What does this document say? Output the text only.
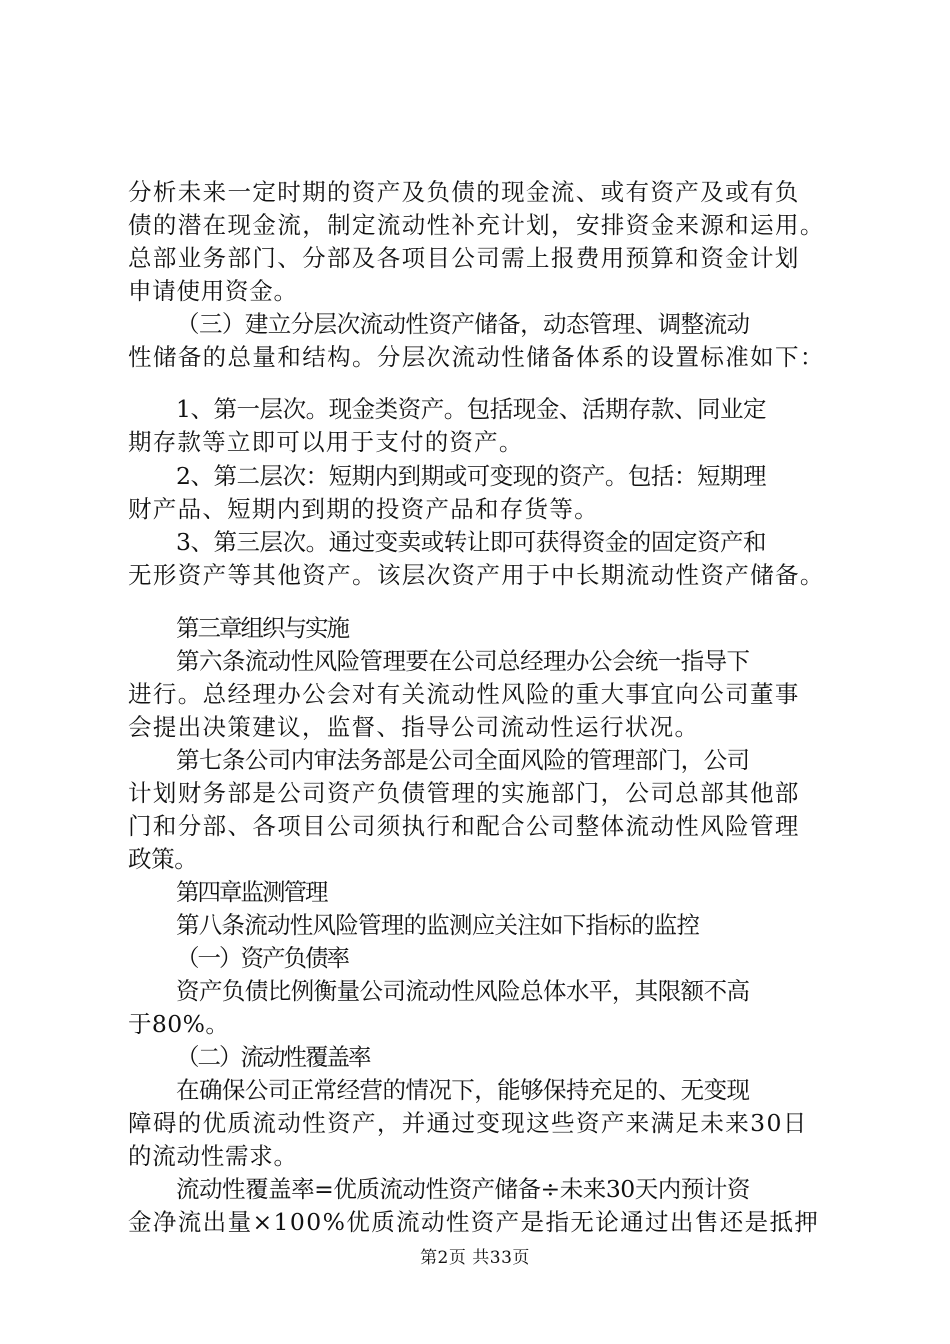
分析未来一定时期的资产及负债的现金流、或有资产及或有负
债的潜在现金流，制定流动性补充计划，安排资金来源和运用。
总部业务部门、分部及各项目公司需上报费用预算和资金计划
申请使用资金。
（三）建立分层次流动性资产储备，动态管理、调整流动
性储备的总量和结构。分层次流动性储备体系的设置标准如下：
1、第一层次。现金类资产。包括现金、活期存款、同业定
期存款等立即可以用于支付的资产。
2、第二层次：短期内到期或可变现的资产。包括：短期理
财产品、短期内到期的投资产品和存货等。
3、第三层次。通过变卖或转让即可获得资金的固定资产和
无形资产等其他资产。该层次资产用于中长期流动性资产储备。
第三章组织与实施
第六条流动性风险管理要在公司总经理办公会统一指导下
进行。总经理办公会对有关流动性风险的重大事宜向公司董事
会提出决策建议，监督、指导公司流动性运行状况。
第七条公司内审法务部是公司全面风险的管理部门，公司
计划财务部是公司资产负债管理的实施部门，公司总部其他部
门和分部、各项目公司须执行和配合公司整体流动性风险管理
政策。
第四章监测管理
第八条流动性风险管理的监测应关注如下指标的监控
（一）资产负债率
资产负债比例衡量公司流动性风险总体水平，其限额不高
于80%。
（二）流动性覆盖率
在确保公司正常经营的情况下，能够保持充足的、无变现
障碍的优质流动性资产，并通过变现这些资产来满足未来30日
的流动性需求。
流动性覆盖率=优质流动性资产储备÷未来30天内预计资
金净流出量×100%优质流动性资产是指无论通过出售还是抵押
第2页 共33页
